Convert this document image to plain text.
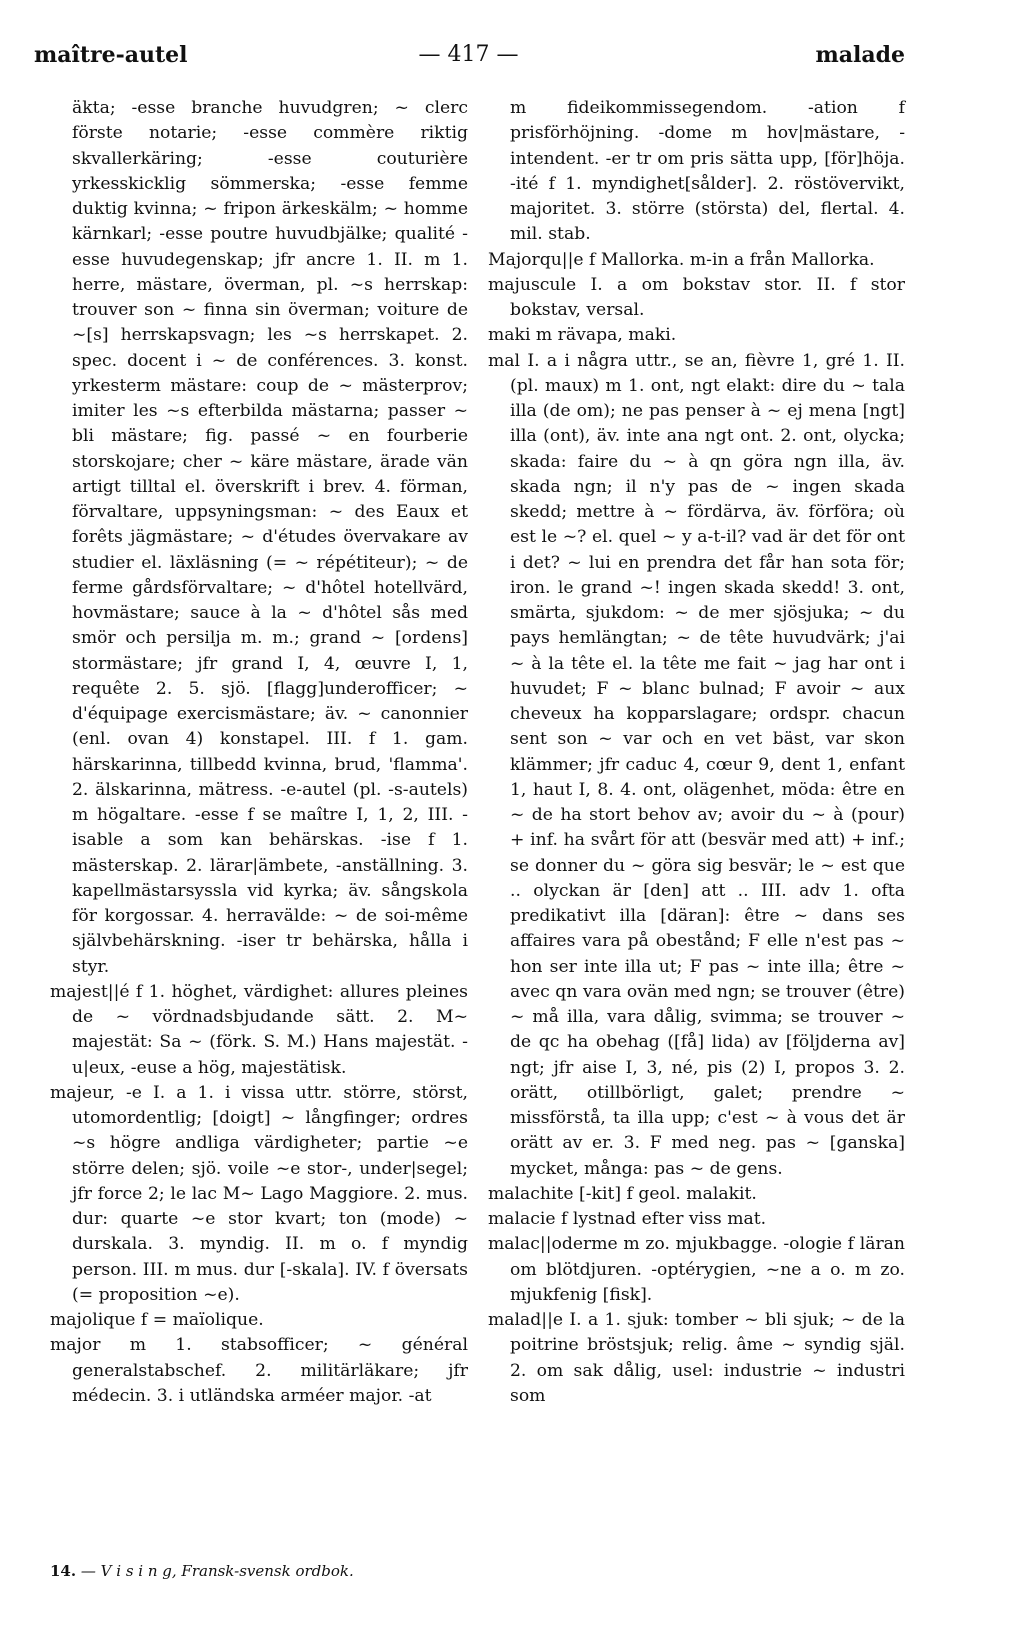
maître-autel	— 417 —	malade
äkta; -esse branche huvudgren; ~ clerc förste notarie; -esse commère riktig skvallerkäring; -esse couturière yrkesskicklig sömmerska; -esse femme duktig kvinna; ~ fripon ärkeskälm; ~ homme kärnkarl; -esse poutre huvudbjälke; qualité -esse huvudegenskap; jfr ancre 1. II. m 1. herre, mästare, överman, pl. ~s herrskap: trouver son ~ finna sin överman; voiture de ~[s] herrskapsvagn; les ~s herrskapet. 2. spec. docent i ~ de conférences. 3. konst. yrkesterm mästare: coup de ~ mästerprov; imiter les ~s efterbilda mästarna; passer ~ bli mästare; fig. passé ~ en fourberie storskojare; cher ~ käre mästare, ärade vän artigt tilltal el. överskrift i brev. 4. förman, förvaltare, uppsyningsman: ~ des Eaux et forêts jägmästare; ~ d'études övervakare av studier el. läxläsning (= ~ répétiteur); ~ de ferme gårdsförvaltare; ~ d'hôtel hotellvärd, hovmästare; sauce à la ~ d'hôtel sås med smör och persilja m. m.; grand ~ [ordens] stormästare; jfr grand I, 4, œuvre I, 1, requête 2. 5. sjö. [flagg]underofficer; ~ d'équipage exercismästare; äv. ~ canonnier (enl. ovan 4) konstapel. III. f 1. gam. härskarinna, tillbedd kvinna, brud, 'flamma'. 2. älskarinna, mätress. -e-autel (pl. -s-autels) m högaltare. -esse f se maître I, 1, 2, III. -isable a som kan behärskas. -ise f 1. mästerskap. 2. lärar|ämbete, -anställning. 3. kapellmästarsyssla vid kyrka; äv. sångskola för korgossar. 4. herravälde: ~ de soi-même självbehärskning. -iser tr behärska, hålla i styr.
majest||é f 1. höghet, värdighet: allures pleines de ~ vördnadsbjudande sätt. 2. M~ majestät: Sa ~ (förk. S. M.) Hans majestät. -u|eux, -euse a hög, majestätisk.
majeur, -e I. a 1. i vissa uttr. större, störst, utomordentlig; [doigt] ~ långfinger; ordres ~s högre andliga värdigheter; partie ~e större delen; sjö. voile ~e stor-, under|segel; jfr force 2; le lac M~ Lago Maggiore. 2. mus. dur: quarte ~e stor kvart; ton (mode) ~ durskala. 3. myndig. II. m o. f myndig person. III. m mus. dur [-skala]. IV. f översats (= proposition ~e).
majolique f = maïolique.
major m 1. stabsofficer; ~ général generalstabschef. 2. militärläkare; jfr médecin. 3. i utländska arméer major. -at
m fideikommissegendom. -ation f prisförhöjning. -dome m hov|mästare, -intendent. -er tr om pris sätta upp, [för]höja. -ité f 1. myndighet[sålder]. 2. röstövervikt, majoritet. 3. större (största) del, flertal. 4. mil. stab.
Majorqu||e f Mallorka. m-in a från Mallorka.
majuscule I. a om bokstav stor. II. f stor bokstav, versal.
maki m rävapa, maki.
mal I. a i några uttr., se an, fièvre 1, gré 1. II. (pl. maux) m 1. ont, ngt elakt: dire du ~ tala illa (de om); ne pas penser à ~ ej mena [ngt] illa (ont), äv. inte ana ngt ont. 2. ont, olycka; skada: faire du ~ à qn göra ngn illa, äv. skada ngn; il n'y pas de ~ ingen skada skedd; mettre à ~ fördärva, äv. förföra; où est le ~? el. quel ~ y a-t-il? vad är det för ont i det? ~ lui en prendra det får han sota för; iron. le grand ~! ingen skada skedd! 3. ont, smärta, sjukdom: ~ de mer sjösjuka; ~ du pays hemlängtan; ~ de tête huvudvärk; j'ai ~ à la tête el. la tête me fait ~ jag har ont i huvudet; F ~ blanc bulnad; F avoir ~ aux cheveux ha kopparslagare; ordspr. chacun sent son ~ var och en vet bäst, var skon klämmer; jfr caduc 4, cœur 9, dent 1, enfant 1, haut I, 8. 4. ont, olägenhet, möda: être en ~ de ha stort behov av; avoir du ~ à (pour) + inf. ha svårt för att (besvär med att) + inf.; se donner du ~ göra sig besvär; le ~ est que .. olyckan är [den] att .. III. adv 1. ofta predikativt illa [däran]: être ~ dans ses affaires vara på obestånd; F elle n'est pas ~ hon ser inte illa ut; F pas ~ inte illa; être ~ avec qn vara ovän med ngn; se trouver (être) ~ må illa, vara dålig, svimma; se trouver ~ de qc ha obehag ([få] lida) av [följderna av] ngt; jfr aise I, 3, né, pis (2) I, propos 3. 2. orätt, otillbörligt, galet; prendre ~ missförstå, ta illa upp; c'est ~ à vous det är orätt av er. 3. F med neg. pas ~ [ganska] mycket, många: pas ~ de gens.
malachite [-kit] f geol. malakit.
malacie f lystnad efter viss mat.
malac||oderme m zo. mjukbagge. -ologie f läran om blötdjuren. -optérygien, ~ne a o. m zo. mjukfenig [fisk].
malad||e I. a 1. sjuk: tomber ~ bli sjuk; ~ de la poitrine bröstsjuk; relig. âme ~ syndig själ. 2. om sak dålig, usel: industrie ~ industri som
14. — V i s i n g, Fransk-svensk ordbok.
